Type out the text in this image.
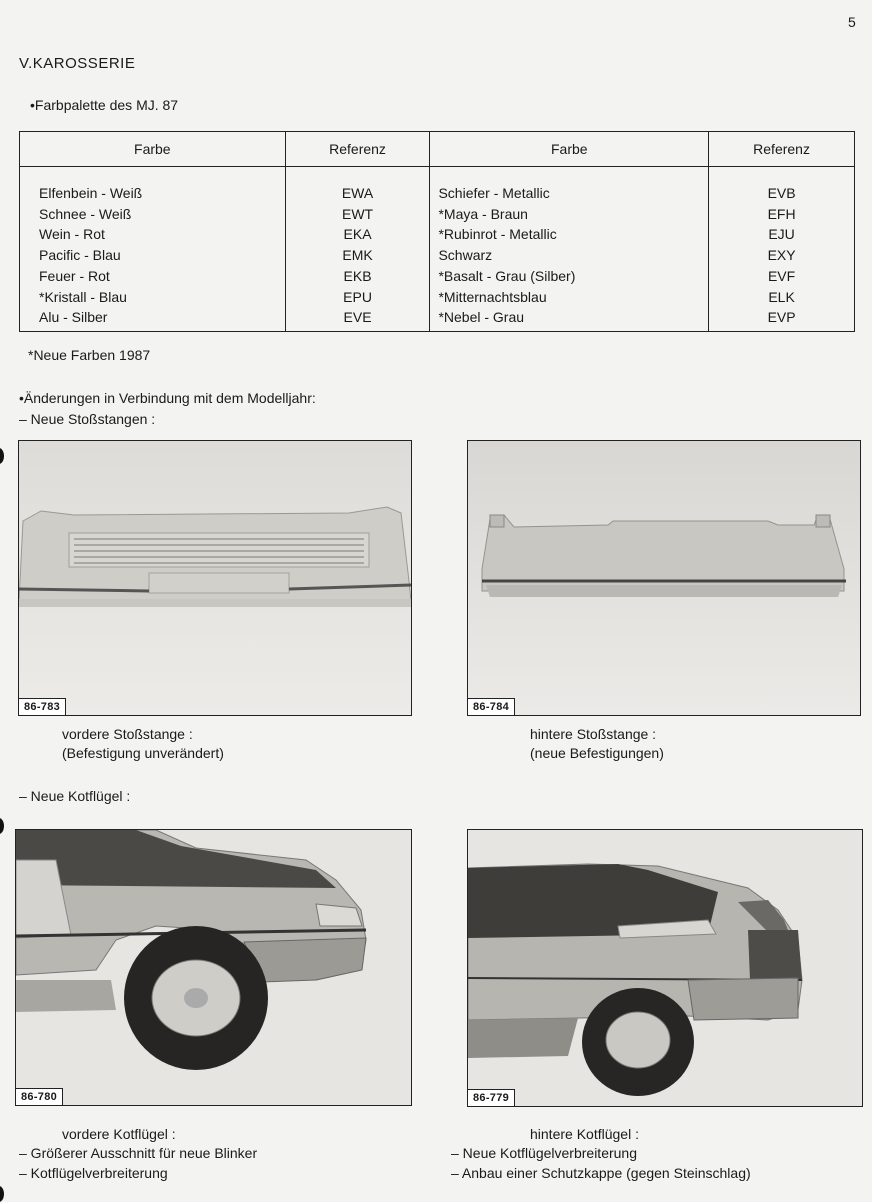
5
V.KAROSSERIE
•Farbpalette des MJ. 87
Farbe	Referenz	Farbe	Referenz

Elfenbein - Weiß	EWA	Schiefer - Metallic	EVB
Schnee - Weiß	EWT	*Maya - Braun	EFH
Wein - Rot	EKA	*Rubinrot - Metallic	EJU
Pacific - Blau	EMK	Schwarz	EXY
Feuer - Rot	EKB	*Basalt - Grau (Silber)	EVF
*Kristall - Blau	EPU	*Mitternachtsblau	ELK
Alu - Silber	EVE	*Nebel - Grau	EVP
*Neue Farben 1987
•Änderungen in Verbindung mit dem Modelljahr:
– Neue Stoßstangen :
86-783	86-784
vordere Stoßstange :
(Befestigung unverändert)
hintere Stoßstange :
(neue Befestigungen)
– Neue Kotflügel :
86-780	86-779
vordere Kotflügel :
– Größerer Ausschnitt für neue Blinker
– Kotflügelverbreiterung
hintere Kotflügel :
– Neue Kotflügelverbreiterung
– Anbau einer Schutzkappe (gegen Steinschlag)
